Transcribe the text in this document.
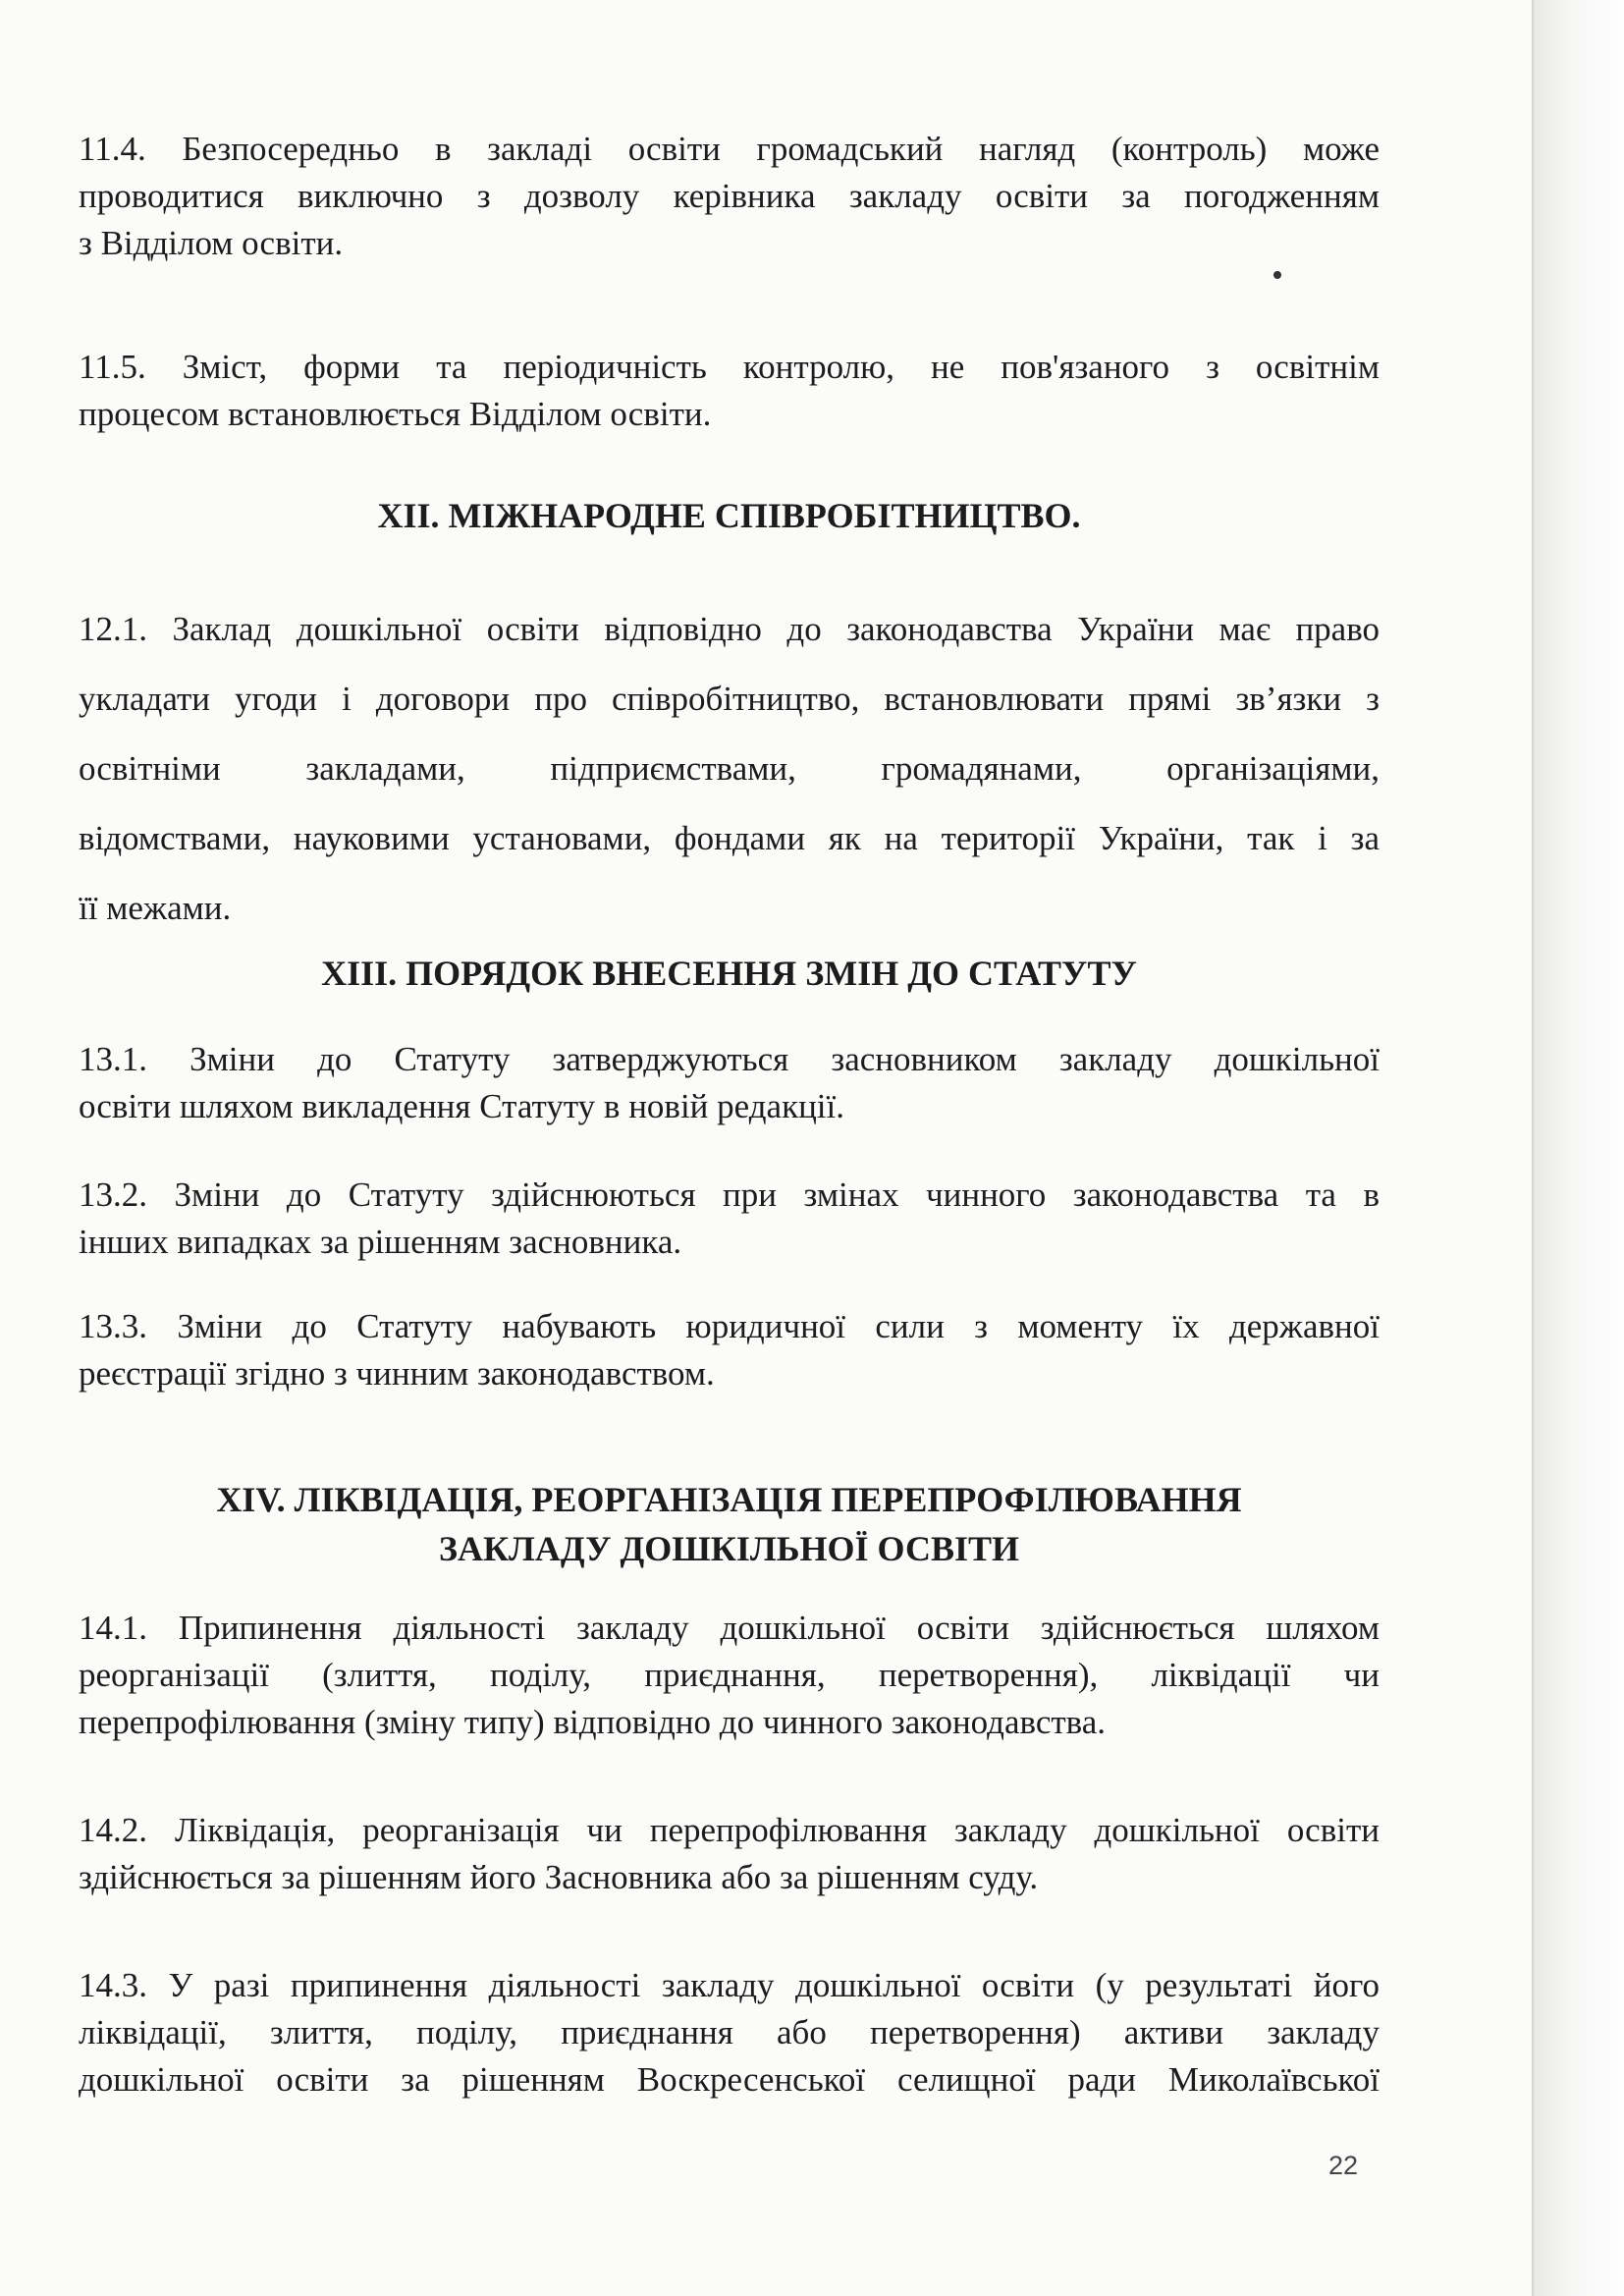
11.4. Безпосередньо в закладі освіти громадський нагляд (контроль) може

проводитися виключно з дозволу керівника закладу освіти за погодженням

з Відділом освіти.

11.5. Зміст, форми та періодичність контролю, не пов'язаного з освітнім

процесом встановлюється Відділом освіти.

XII. МІЖНАРОДНЕ СПІВРОБІТНИЦТВО.

12.1. Заклад дошкільної освіти відповідно до законодавства України має право

укладати угоди і договори про співробітництво, встановлювати прямі зв’язки з

освітніми закладами, підприємствами, громадянами, організаціями,

відомствами, науковими установами, фондами як на території України, так і за

її межами.

XIII. ПОРЯДОК ВНЕСЕННЯ ЗМІН ДО СТАТУТУ

13.1. Зміни до Статуту затверджуються засновником закладу дошкільної

освіти шляхом викладення Статуту в новій редакції.

13.2. Зміни до Статуту здійснюються при змінах чинного законодавства та в

інших випадках за рішенням засновника.

13.3. Зміни до Статуту набувають юридичної сили з моменту їх державної

реєстрації згідно з чинним законодавством.

XIV. ЛІКВІДАЦІЯ, РЕОРГАНІЗАЦІЯ ПЕРЕПРОФІЛЮВАННЯ
ЗАКЛАДУ ДОШКІЛЬНОЇ ОСВІТИ

14.1. Припинення діяльності закладу дошкільної освіти здійснюється шляхом

реорганізації (злиття, поділу, приєднання, перетворення), ліквідації чи

перепрофілювання (зміну типу) відповідно до чинного законодавства.

14.2. Ліквідація, реорганізація чи перепрофілювання закладу дошкільної освіти

здійснюється за рішенням його Засновника або за рішенням суду.

14.3. У разі припинення діяльності закладу дошкільної освіти (у результаті його

ліквідації, злиття, поділу, приєднання або перетворення) активи закладу

дошкільної освіти за рішенням Воскресенської селищної ради Миколаївської

22
